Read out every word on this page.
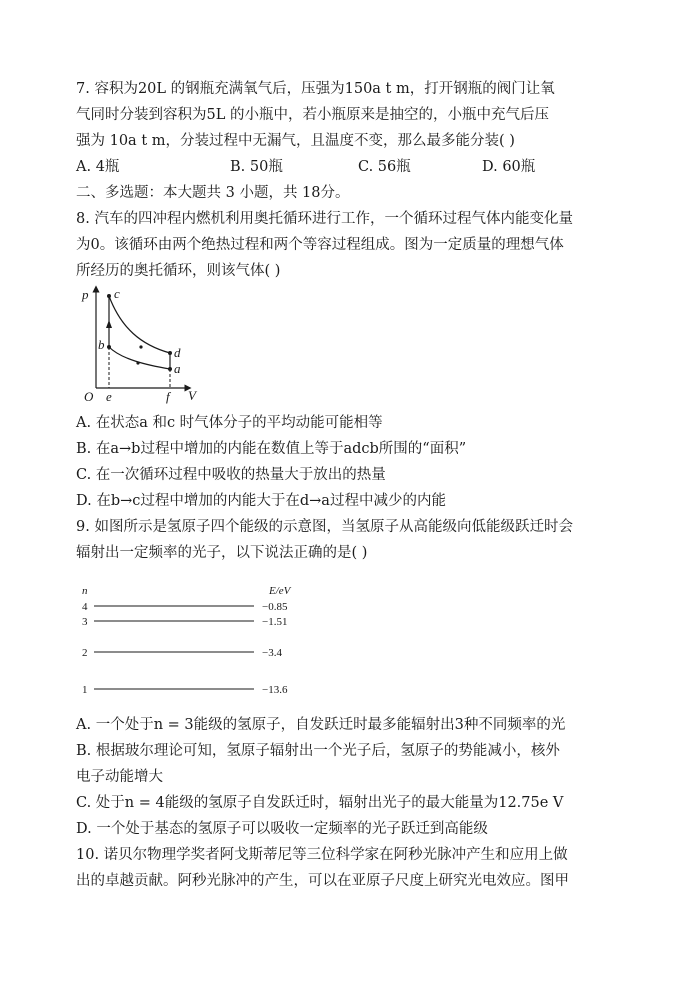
7. 容积为20L 的钢瓶充满氧气后，压强为150a t m，打开钢瓶的阀门让氧
气同时分装到容积为5L 的小瓶中，若小瓶原来是抽空的，小瓶中充气后压
强为 10a t m，分装过程中无漏气，且温度不变，那么最多能分装( )
A. 4瓶	B. 50瓶	C. 56瓶	D. 60瓶
二、多选题：本大题共 3 小题，共 18分。
8. 汽车的四冲程内燃机利用奥托循环进行工作，一个循环过程气体内能变化量
为0。该循环由两个绝热过程和两个等容过程组成。图为一定质量的理想气体
所经历的奥托循环，则该气体( )
p
V
O
c
b
d
a
e	f
A. 在状态a 和c 时气体分子的平均动能可能相等
B. 在a→b过程中增加的内能在数值上等于adcb所围的“面积”
C. 在一次循环过程中吸收的热量大于放出的热量
D. 在b→c过程中增加的内能大于在d→a过程中减少的内能
9. 如图所示是氢原子四个能级的示意图，当氢原子从高能级向低能级跃迁时会
辐射出一定频率的光子，以下说法正确的是( )
n	E/eV
4	−0.85
3	−1.51
2	−3.4
1	−13.6
A. 一个处于n = 3能级的氢原子，自发跃迁时最多能辐射出3种不同频率的光
B. 根据玻尔理论可知，氢原子辐射出一个光子后，氢原子的势能减小，核外
电子动能增大
C. 处于n = 4能级的氢原子自发跃迁时，辐射出光子的最大能量为12.75e V
D. 一个处于基态的氢原子可以吸收一定频率的光子跃迁到高能级
10. 诺贝尔物理学奖者阿戈斯蒂尼等三位科学家在阿秒光脉冲产生和应用上做
出的卓越贡献。阿秒光脉冲的产生，可以在亚原子尺度上研究光电效应。图甲
